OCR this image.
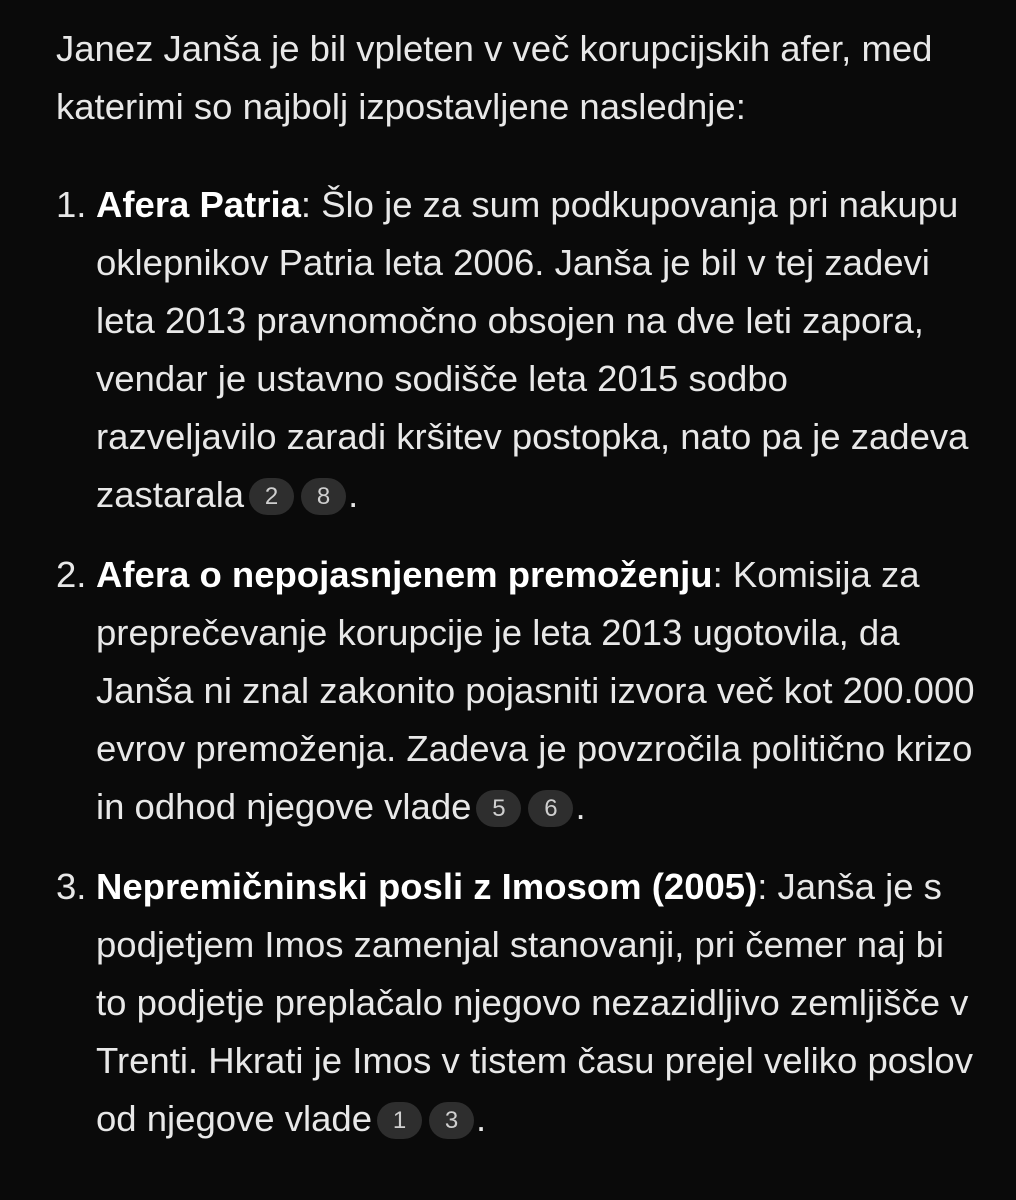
Janez Janša je bil vpleten v več korupcijskih afer, med katerimi so najbolj izpostavljene naslednje:

1. Afera Patria: Šlo je za sum podkupovanja pri nakupu oklepnikov Patria leta 2006. Janša je bil v tej zadevi leta 2013 pravnomočno obsojen na dve leti zapora, vendar je ustavno sodišče leta 2015 sodbo razveljavilo zaradi kršitev postopka, nato pa je zadeva zastarala 2 8 .
2. Afera o nepojasnjenem premoženju: Komisija za preprečevanje korupcije je leta 2013 ugotovila, da Janša ni znal zakonito pojasniti izvora več kot 200.000 evrov premoženja. Zadeva je povzročila politično krizo in odhod njegove vlade 5 6 .
3. Nepremičninski posli z Imosom (2005): Janša je s podjetjem Imos zamenjal stanovanji, pri čemer naj bi to podjetje preplačalo njegovo nezazidljivo zemljišče v Trenti. Hkrati je Imos v tistem času prejel veliko poslov od njegove vlade 1 3 .
